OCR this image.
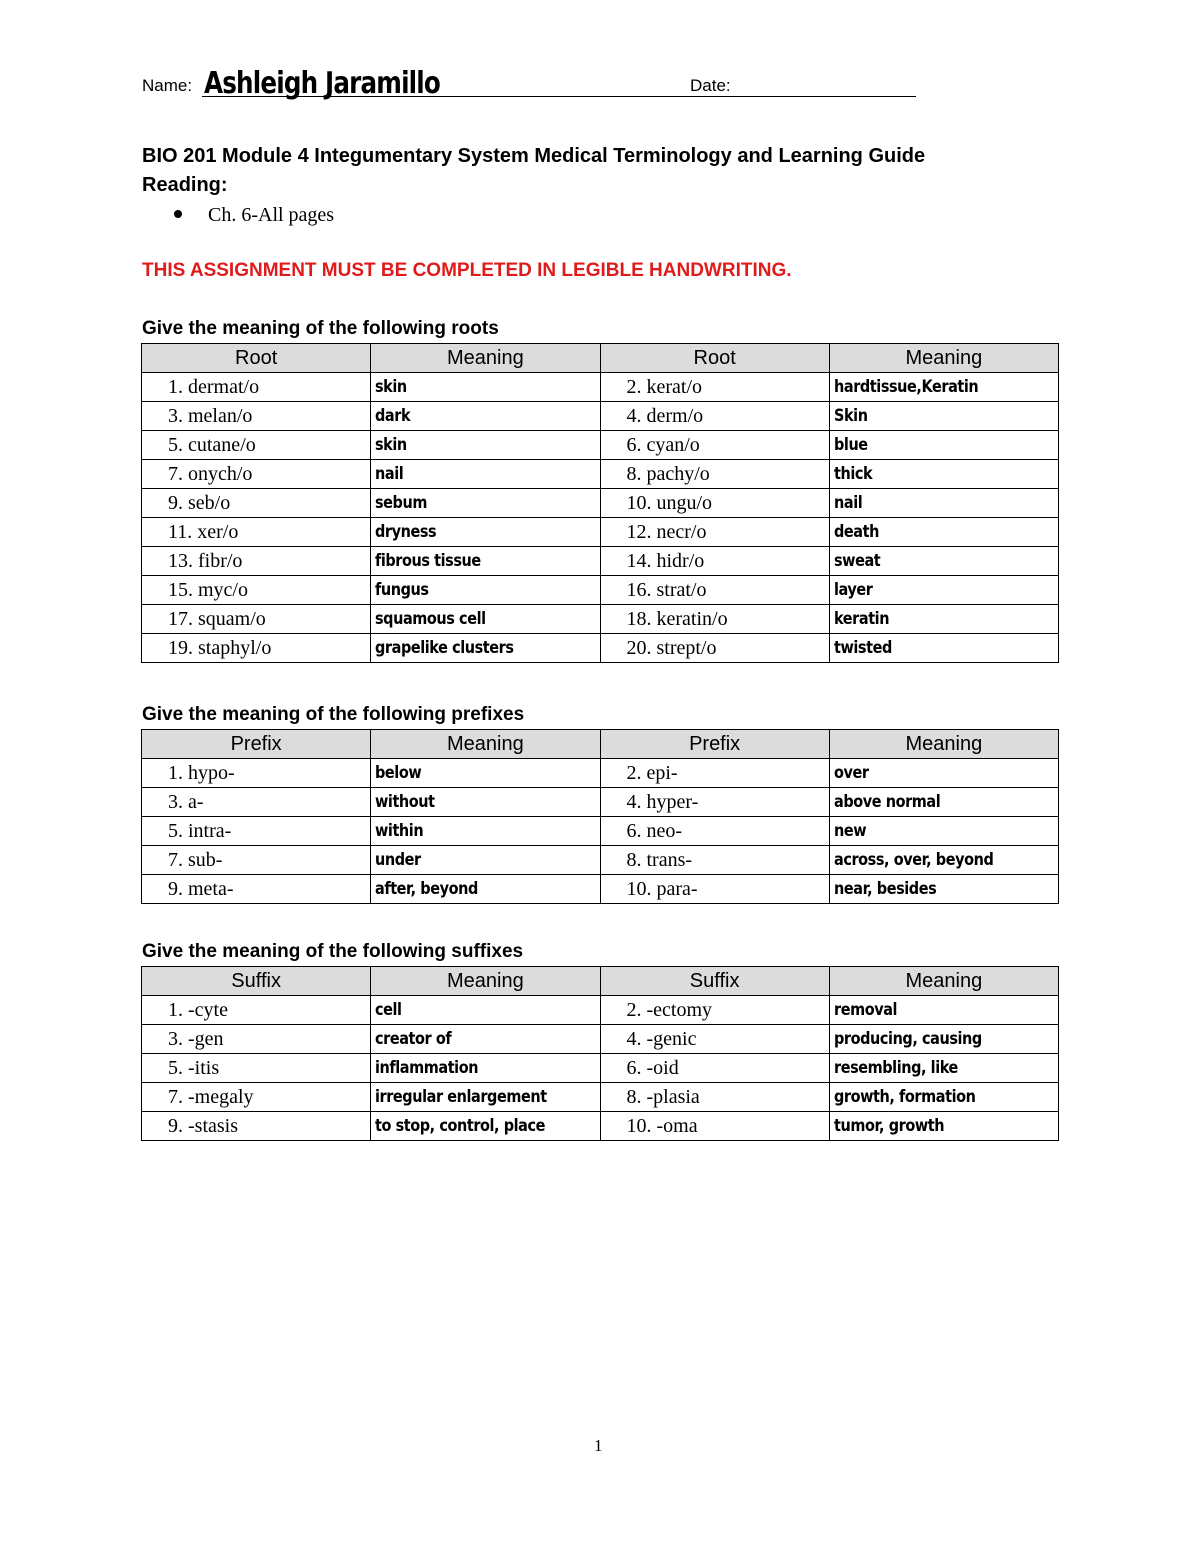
Name: Ashleigh Jaramillo	Date:
BIO 201 Module 4 Integumentary System Medical Terminology and Learning Guide
Reading:
Ch. 6-All pages
THIS ASSIGNMENT MUST BE COMPLETED IN LEGIBLE HANDWRITING.
Give the meaning of the following roots
Root	Meaning	Root	Meaning
1. dermat/o	skin	2. kerat/o	hardtissue,Keratin
3. melan/o	dark	4. derm/o	Skin
5. cutane/o	skin	6. cyan/o	blue
7. onych/o	nail	8. pachy/o	thick
9. seb/o	sebum	10. ungu/o	nail
11. xer/o	dryness	12. necr/o	death
13. fibr/o	fibrous tissue	14. hidr/o	sweat
15. myc/o	fungus	16. strat/o	layer
17. squam/o	squamous cell	18. keratin/o	keratin
19. staphyl/o	grapelike clusters	20. strept/o	twisted
Give the meaning of the following prefixes
Prefix	Meaning	Prefix	Meaning
1. hypo-	below	2. epi-	over
3. a-	without	4. hyper-	above normal
5. intra-	within	6. neo-	new
7. sub-	under	8. trans-	across, over, beyond
9. meta-	after, beyond	10. para-	near, besides
Give the meaning of the following suffixes
Suffix	Meaning	Suffix	Meaning
1. -cyte	cell	2. -ectomy	removal
3. -gen	creator of	4. -genic	producing, causing
5. -itis	inflammation	6. -oid	resembling, like
7. -megaly	irregular enlargement	8. -plasia	growth, formation
9. -stasis	to stop, control, place	10. -oma	tumor, growth
1
